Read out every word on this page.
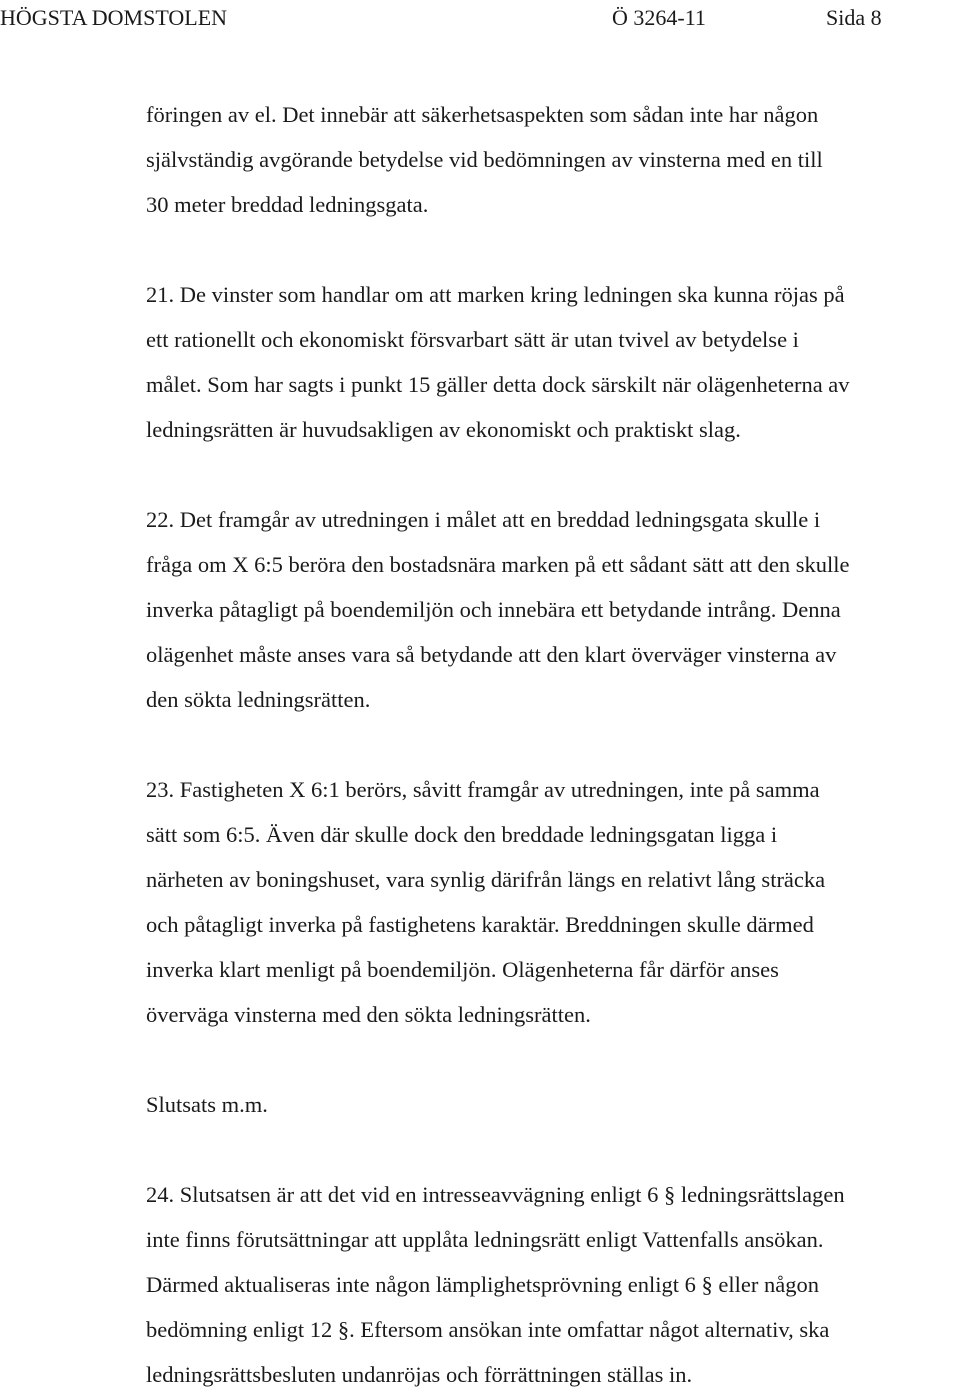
HÖGSTA DOMSTOLEN	Ö 3264-11	Sida 8

föringen av el. Det innebär att säkerhetsaspekten som sådan inte har någon
självständig avgörande betydelse vid bedömningen av vinsterna med en till
30 meter breddad ledningsgata.

21. De vinster som handlar om att marken kring ledningen ska kunna röjas på
ett rationellt och ekonomiskt försvarbart sätt är utan tvivel av betydelse i
målet. Som har sagts i punkt 15 gäller detta dock särskilt när olägenheterna av
ledningsrätten är huvudsakligen av ekonomiskt och praktiskt slag.

22. Det framgår av utredningen i målet att en breddad ledningsgata skulle i
fråga om X 6:5 beröra den bostadsnära marken på ett sådant sätt att den skulle
inverka påtagligt på boendemiljön och innebära ett betydande intrång. Denna
olägenhet måste anses vara så betydande att den klart överväger vinsterna av
den sökta ledningsrätten.

23. Fastigheten X 6:1 berörs, såvitt framgår av utredningen, inte på samma
sätt som 6:5. Även där skulle dock den breddade ledningsgatan ligga i
närheten av boningshuset, vara synlig därifrån längs en relativt lång sträcka
och påtagligt inverka på fastighetens karaktär. Breddningen skulle därmed
inverka klart menligt på boendemiljön. Olägenheterna får därför anses
överväga vinsterna med den sökta ledningsrätten.

Slutsats m.m.

24. Slutsatsen är att det vid en intresseavvägning enligt 6 § ledningsrättslagen
inte finns förutsättningar att upplåta ledningsrätt enligt Vattenfalls ansökan.
Därmed aktualiseras inte någon lämplighetsprövning enligt 6 § eller någon
bedömning enligt 12 §. Eftersom ansökan inte omfattar något alternativ, ska
ledningsrättsbesluten undanröjas och förrättningen ställas in.
